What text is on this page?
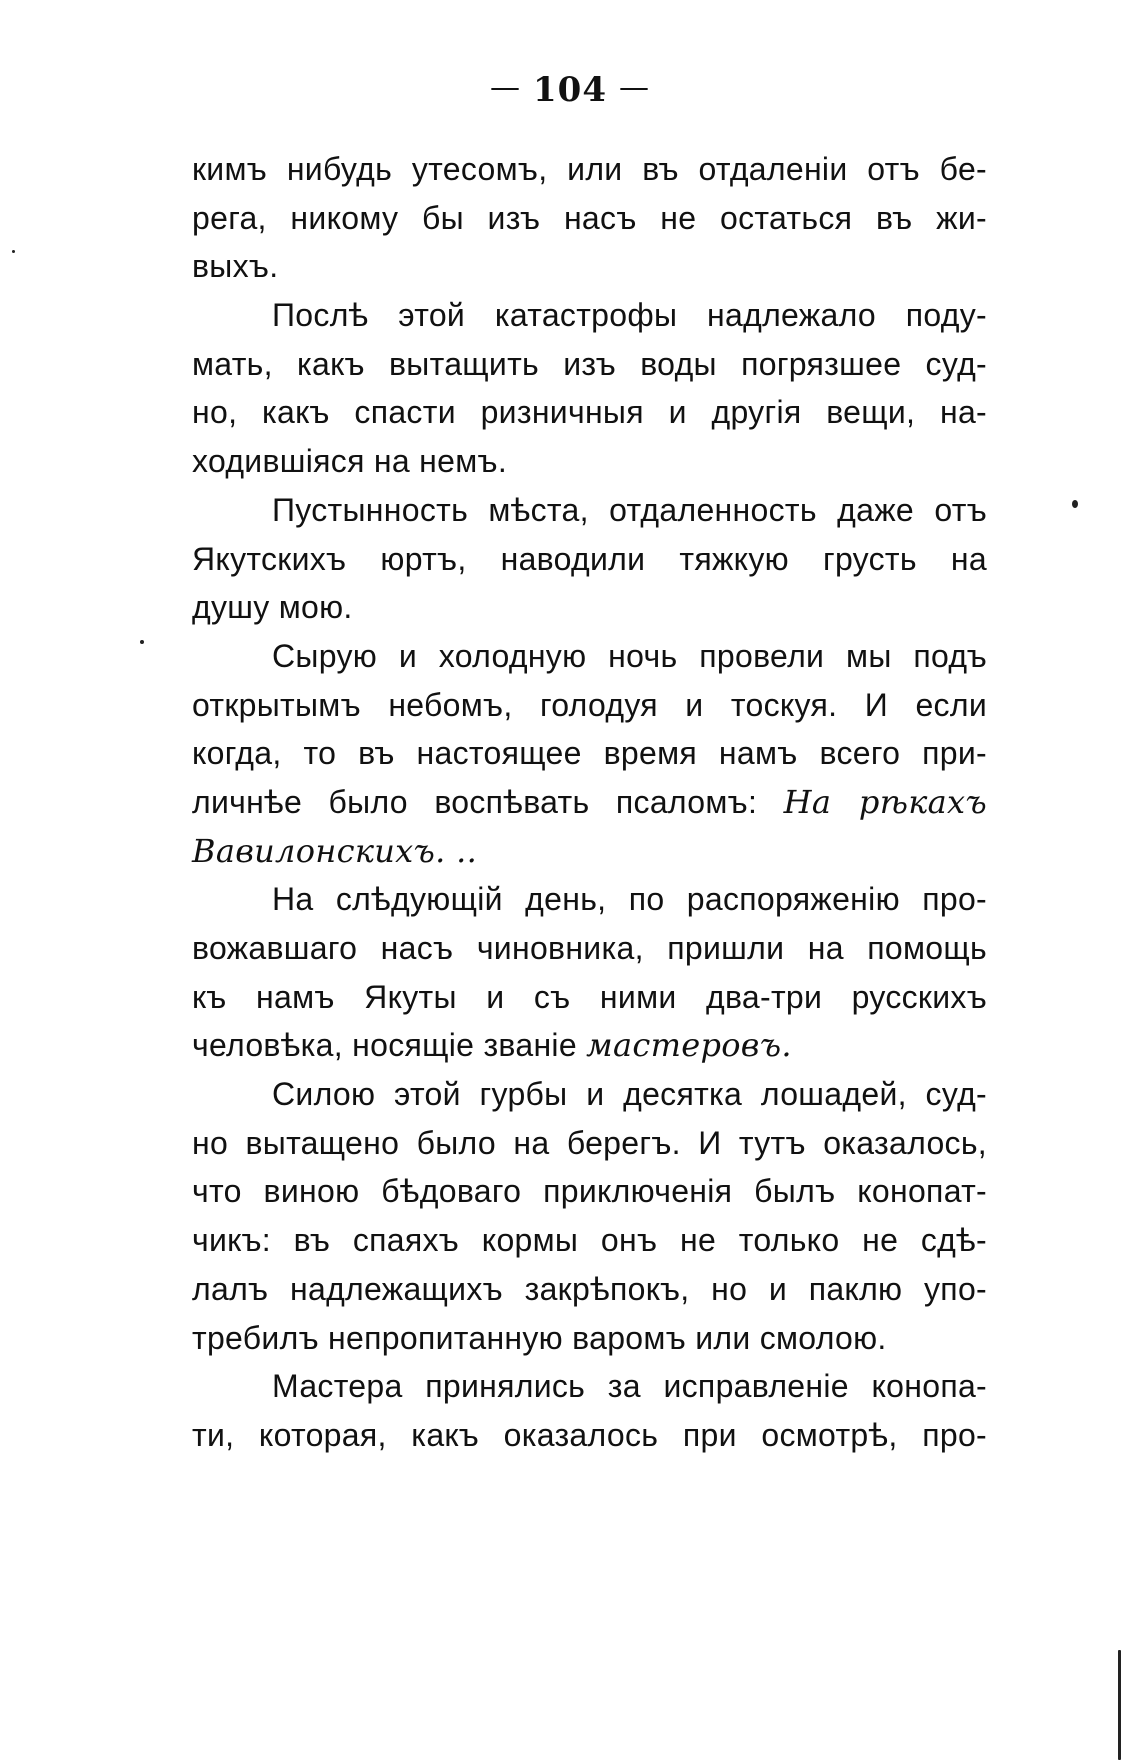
— 104 —
кимъ нибудь утесомъ, или въ отдаленіи отъ бе-
рега, никому бы изъ насъ не остаться въ жи-
выхъ.
Послѣ этой катастрофы надлежало поду-
мать, какъ вытащить изъ воды погрязшее суд-
но, какъ спасти ризничныя и другія вещи, на-
ходившіяся на немъ.
Пустынность мѣста, отдаленность даже отъ
Якутскихъ юртъ, наводили тяжкую грусть на
душу мою.
Сырую и холодную ночь провели мы подъ
открытымъ небомъ, голодуя и тоскуя. И если
когда, то въ настоящее время намъ всего при-
личнѣе было воспѣвать псаломъ: На рѣкахъ
Вавилонскихъ. ..
На слѣдующій день, по распоряженію про-
вожавшаго насъ чиновника, пришли на помощь
къ намъ Якуты и съ ними два-три русскихъ
человѣка, носящіе званіе мастеровъ.
Силою этой гурбы и десятка лошадей, суд-
но вытащено было на берегъ. И тутъ оказалось,
что виною бѣдоваго приключенія былъ конопат-
чикъ: въ спаяхъ кормы онъ не только не сдѣ-
лалъ надлежащихъ закрѣпокъ, но и паклю упо-
требилъ непропитанную варомъ или смолою.
Мастера принялись за исправленіе конопа-
ти, которая, какъ оказалось при осмотрѣ, про-
